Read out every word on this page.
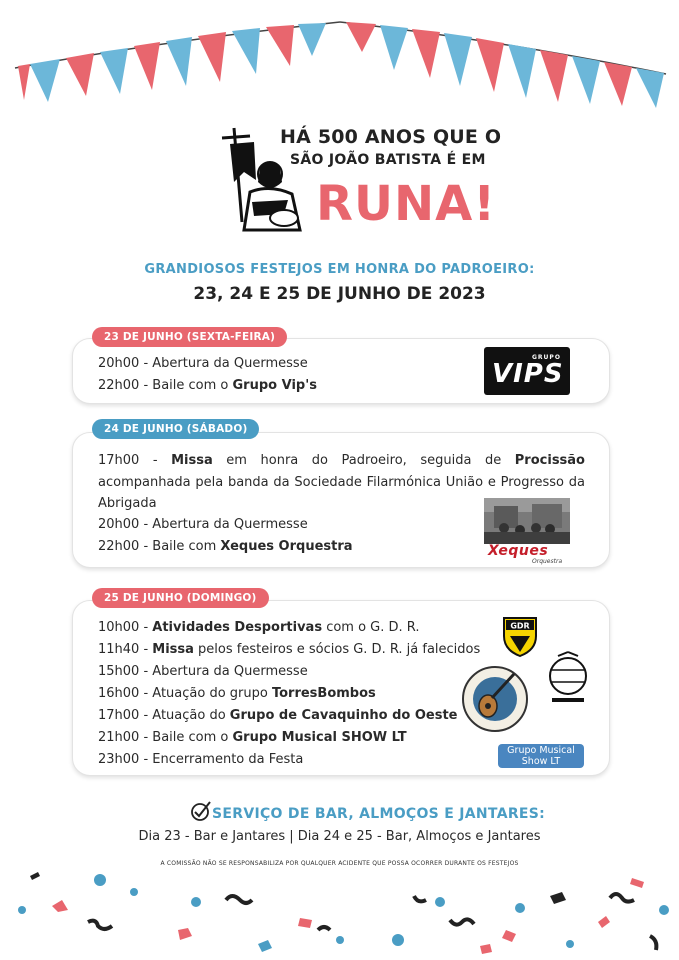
HÁ 500 ANOS QUE O
SÃO JOÃO BATISTA É EM
RUNA!
GRANDIOSOS FESTEJOS EM HONRA DO PADROEIRO:
23, 24 E 25 DE JUNHO DE 2023
23 DE JUNHO (SEXTA-FEIRA)
20h00 - Abertura da Quermesse
22h00 - Baile com o Grupo Vip's
GRUPO
VIPS
24 DE JUNHO (SÁBADO)
17h00 - Missa em honra do Padroeiro, seguida de Procissão acompanhada pela banda da Sociedade Filarmónica União e Progresso da Abrigada
20h00 - Abertura da Quermesse
22h00 - Baile com Xeques Orquestra	Xeques
Orquestra
25 DE JUNHO (DOMINGO)
10h00 - Atividades Desportivas com o G. D. R.
11h40 - Missa pelos festeiros e sócios G. D. R. já falecidos
15h00 - Abertura da Quermesse
16h00 - Atuação do grupo TorresBombos
17h00 - Atuação do Grupo de Cavaquinho do Oeste
21h00 - Baile com o Grupo Musical SHOW LT
23h00 - Encerramento da Festa
GDR
Grupo Musical
Show LT
SERVIÇO DE BAR, ALMOÇOS E JANTARES:
Dia 23 - Bar e Jantares | Dia 24 e 25 - Bar, Almoços e Jantares
A COMISSÃO NÃO SE RESPONSABILIZA POR QUALQUER ACIDENTE QUE POSSA OCORRER DURANTE OS FESTEJOS
